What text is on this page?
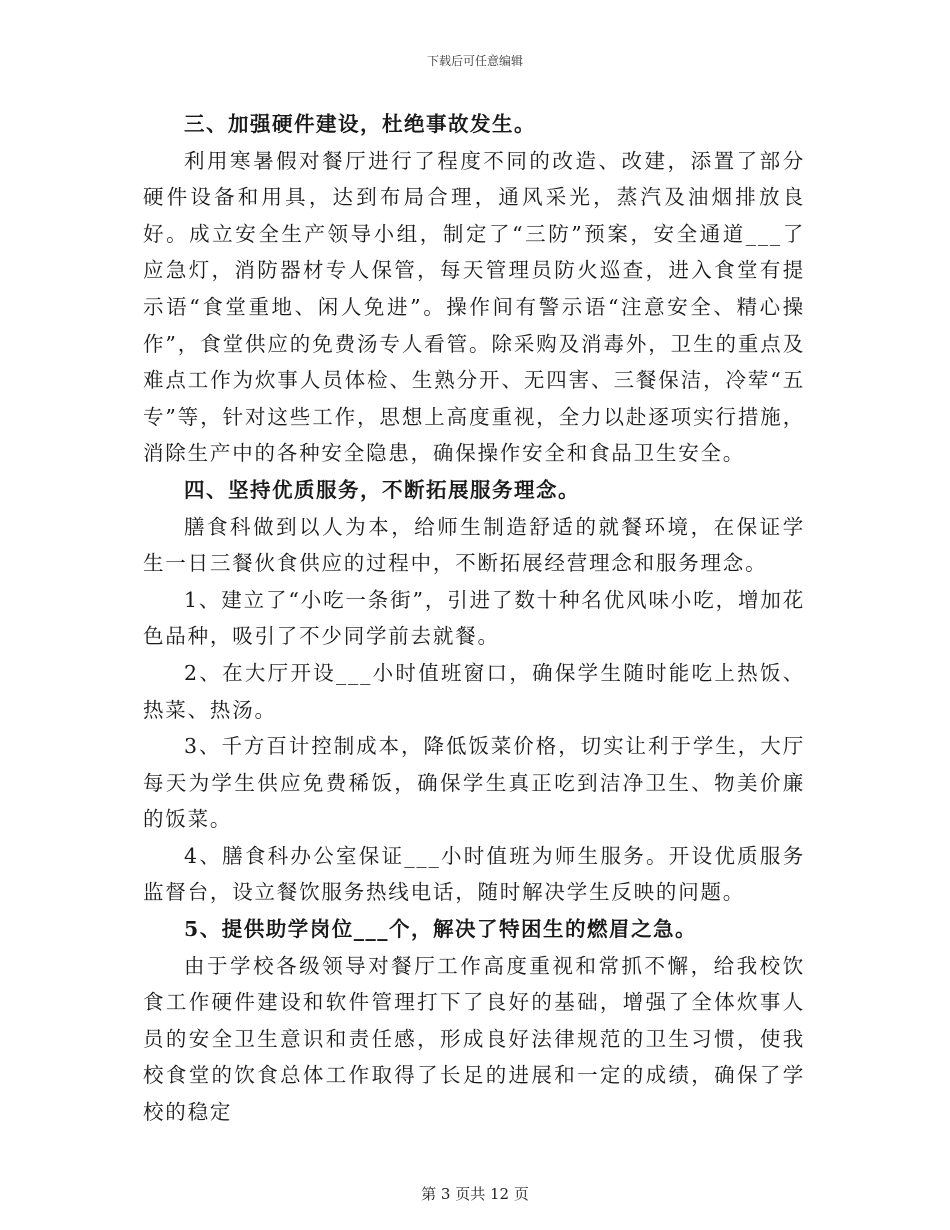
下载后可任意编辑

三、加强硬件建设，杜绝事故发生。

利用寒暑假对餐厅进行了程度不同的改造、改建，添置了部分硬件设备和用具，达到布局合理，通风采光，蒸汽及油烟排放良好。成立安全生产领导小组，制定了“三防”预案，安全通道___了应急灯，消防器材专人保管，每天管理员防火巡查，进入食堂有提示语“食堂重地、闲人免进”。操作间有警示语“注意安全、精心操作”，食堂供应的免费汤专人看管。除采购及消毒外，卫生的重点及难点工作为炊事人员体检、生熟分开、无四害、三餐保洁，冷荤“五专”等，针对这些工作，思想上高度重视，全力以赴逐项实行措施，消除生产中的各种安全隐患，确保操作安全和食品卫生安全。

四、坚持优质服务，不断拓展服务理念。

膳食科做到以人为本，给师生制造舒适的就餐环境，在保证学生一日三餐伙食供应的过程中，不断拓展经营理念和服务理念。

1、建立了“小吃一条街”，引进了数十种名优风味小吃，增加花色品种，吸引了不少同学前去就餐。

2、在大厅开设___小时值班窗口，确保学生随时能吃上热饭、热菜、热汤。

3、千方百计控制成本，降低饭菜价格，切实让利于学生，大厅每天为学生供应免费稀饭，确保学生真正吃到洁净卫生、物美价廉的饭菜。

4、膳食科办公室保证___小时值班为师生服务。开设优质服务监督台，设立餐饮服务热线电话，随时解决学生反映的问题。

5、提供助学岗位___个，解决了特困生的燃眉之急。

由于学校各级领导对餐厅工作高度重视和常抓不懈，给我校饮食工作硬件建设和软件管理打下了良好的基础，增强了全体炊事人员的安全卫生意识和责任感，形成良好法律规范的卫生习惯，使我校食堂的饮食总体工作取得了长足的进展和一定的成绩，确保了学校的稳定

第 3 页共 12 页
